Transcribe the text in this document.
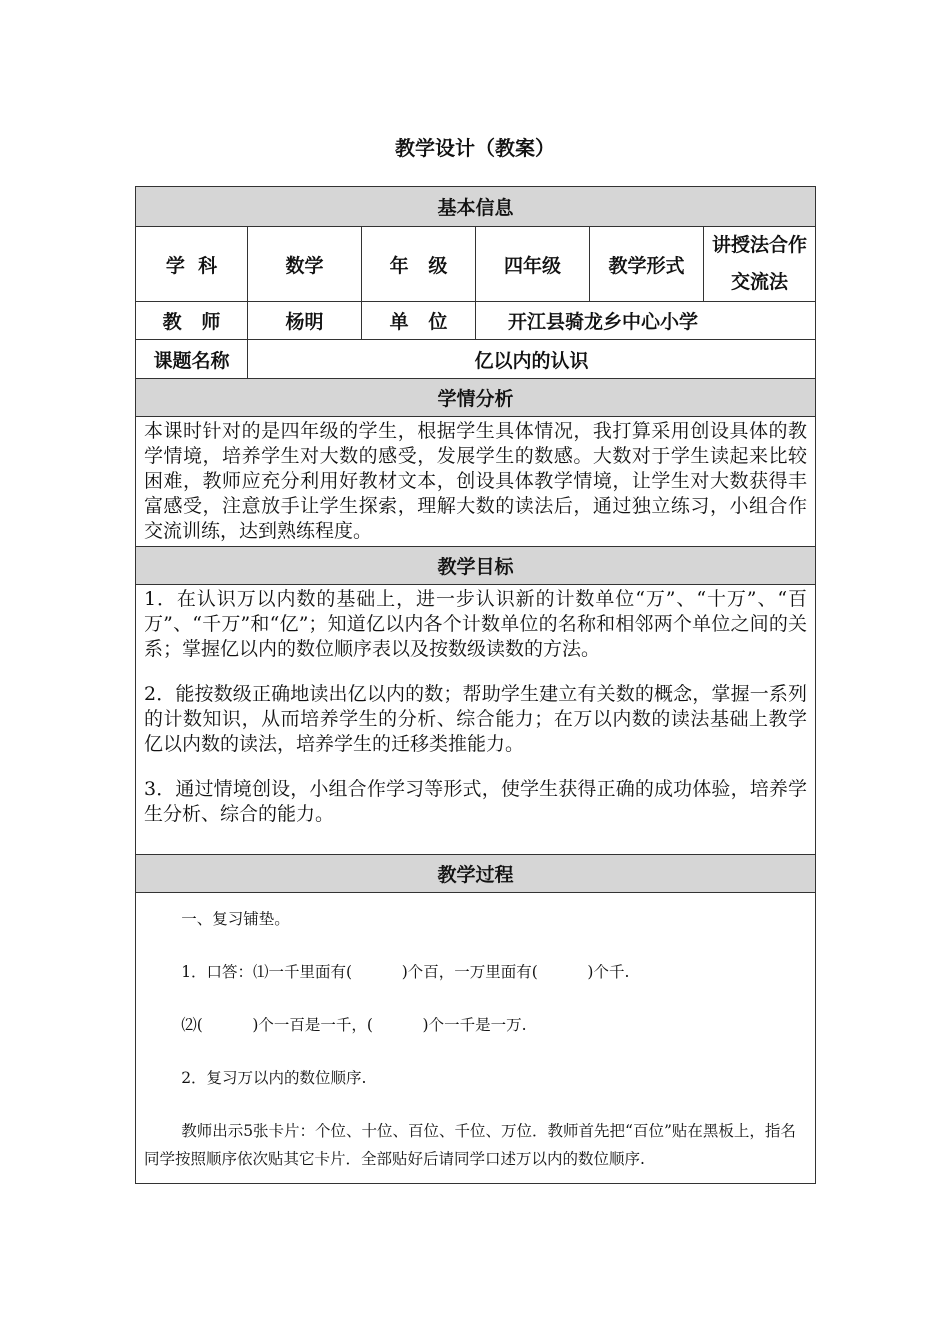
教学设计（教案）
基本信息					
学  科	数学	年   级	四年级	教学形式	讲授法合作交流法
教   师	杨明	单   位	开江县骑龙乡中心小学		
课题名称	亿以内的认识				
学情分析					

本课时针对的是四年级的学生，根据学生具体情况，我打算采用创设具体的教学情境，培养学生对大数的感受，发展学生的数感。大数对于学生读起来比较困难，教师应充分利用好教材文本，创设具体教学情境，让学生对大数获得丰富感受，注意放手让学生探索，理解大数的读法后，通过独立练习，小组合作交流训练，达到熟练程度。					

教学目标					

1．在认识万以内数的基础上，进一步认识新的计数单位“万”、“十万”、“百万”、“千万”和“亿”；知道亿以内各个计数单位的名称和相邻两个单位之间的关系；掌握亿以内的数位顺序表以及按数级读数的方法。

2．能按数级正确地读出亿以内的数；帮助学生建立有关数的概念，掌握一系列的计数知识，从而培养学生的分析、综合能力；在万以内数的读法基础上教学亿以内数的读法，培养学生的迁移类推能力。

3．通过情境创设，小组合作学习等形式，使学生获得正确的成功体验，培养学生分析、综合的能力。					

教学过程					

一、复习铺垫。

1．口答：⑴一千里面有( )个百，一万里面有( )个千.

⑵( )个一百是一千，( )个一千是一万.

2．复习万以内的数位顺序.

教师出示5张卡片：个位、十位、百位、千位、万位．教师首先把“百位”贴在黑板上，指名同学按照顺序依次贴其它卡片．全部贴好后请同学口述万以内的数位顺序.					
